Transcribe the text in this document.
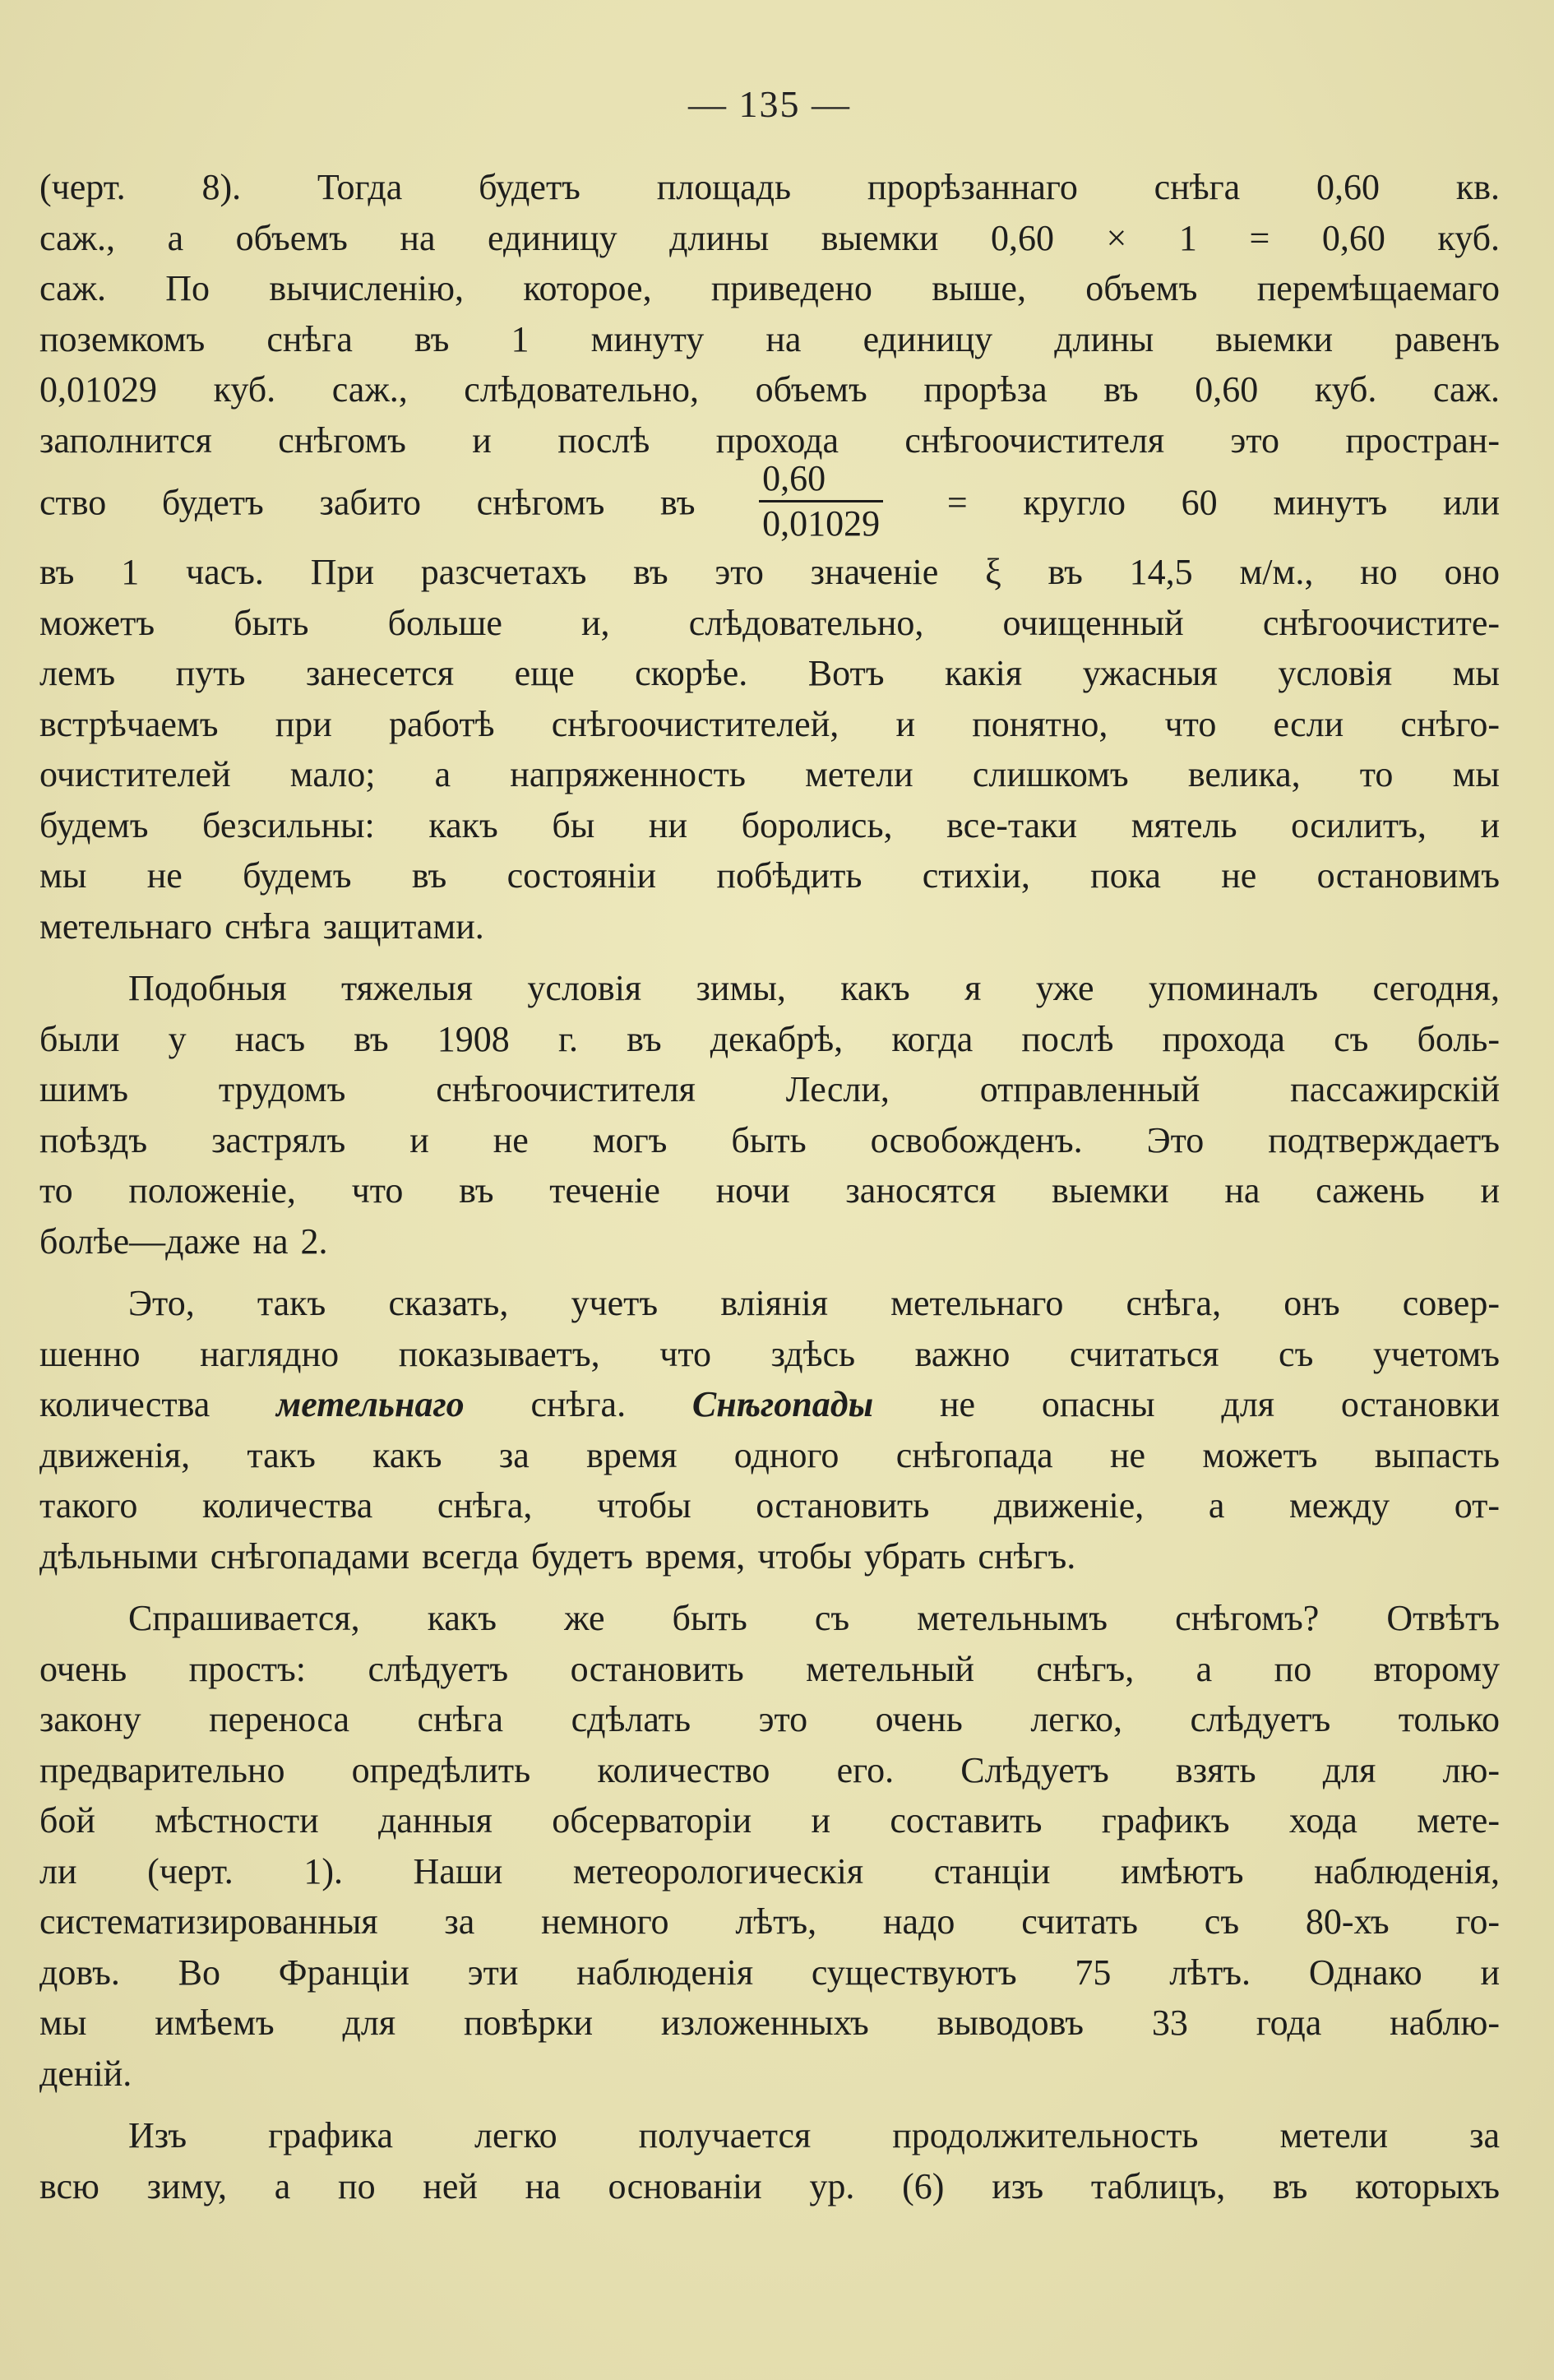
— 135 —
(черт. 8). Тогда будетъ площадь прорѣзаннаго снѣга 0,60 кв.
саж., а объемъ на единицу длины выемки 0,60 × 1 = 0,60 куб.
саж. По вычисленію, которое, приведено выше, объемъ перемѣщаемаго
поземкомъ снѣга въ 1 минуту на единицу длины выемки равенъ
0,01029 куб. саж., слѣдовательно, объемъ прорѣза въ 0,60 куб. саж.
заполнится снѣгомъ и послѣ прохода снѣгоочистителя это простран-
ство будетъ забито снѣгомъ въ $\frac{0,60}{0,01029}$ = кругло 60 минутъ или
въ 1 часъ. При разсчетахъ въ это значеніе ξ въ 14,5 м/м., но оно
можетъ быть больше и, слѣдовательно, очищенный снѣгоочистите-
лемъ путь занесется еще скорѣе. Вотъ какія ужасныя условія мы
встрѣчаемъ при работѣ снѣгоочистителей, и понятно, что если снѣго-
очистителей мало; а напряженность метели слишкомъ велика, то мы
будемъ безсильны: какъ бы ни боролись, все-таки мятель осилитъ, и
мы не будемъ въ состояніи побѣдить стихіи, пока не остановимъ
метельнаго снѣга защитами.
Подобныя тяжелыя условія зимы, какъ я уже упоминалъ сегодня,
были у насъ въ 1908 г. въ декабрѣ, когда послѣ прохода съ боль-
шимъ трудомъ снѣгоочистителя Лесли, отправленный пассажирскій
поѣздъ застрялъ и не могъ быть освобожденъ. Это подтверждаетъ
то положеніе, что въ теченіе ночи заносятся выемки на сажень и
болѣе—даже на 2.
Это, такъ сказать, учетъ вліянія метельнаго снѣга, онъ совер-
шенно наглядно показываетъ, что здѣсь важно считаться съ учетомъ
количества метельнаго снѣга. Снѣгопады не опасны для остановки
движенія, такъ какъ за время одного снѣгопада не можетъ выпасть
такого количества снѣга, чтобы остановить движеніе, а между от-
дѣльными снѣгопадами всегда будетъ время, чтобы убрать снѣгъ.
Спрашивается, какъ же быть съ метельнымъ снѣгомъ? Отвѣтъ
очень простъ: слѣдуетъ остановить метельный снѣгъ, а по второму
закону переноса снѣга сдѣлать это очень легко, слѣдуетъ только
предварительно опредѣлить количество его. Слѣдуетъ взять для лю-
бой мѣстности данныя обсерваторіи и составить графикъ хода мете-
ли (черт. 1). Наши метеорологическія станціи имѣютъ наблюденія,
систематизированныя за немного лѣтъ, надо считать съ 80-хъ го-
довъ. Во Франціи эти наблюденія существуютъ 75 лѣтъ. Однако и
мы имѣемъ для повѣрки изложенныхъ выводовъ 33 года наблю-
деній.
Изъ графика легко получается продолжительность метели за
всю зиму, а по ней на основаніи ур. (6) изъ таблицъ, въ которыхъ
